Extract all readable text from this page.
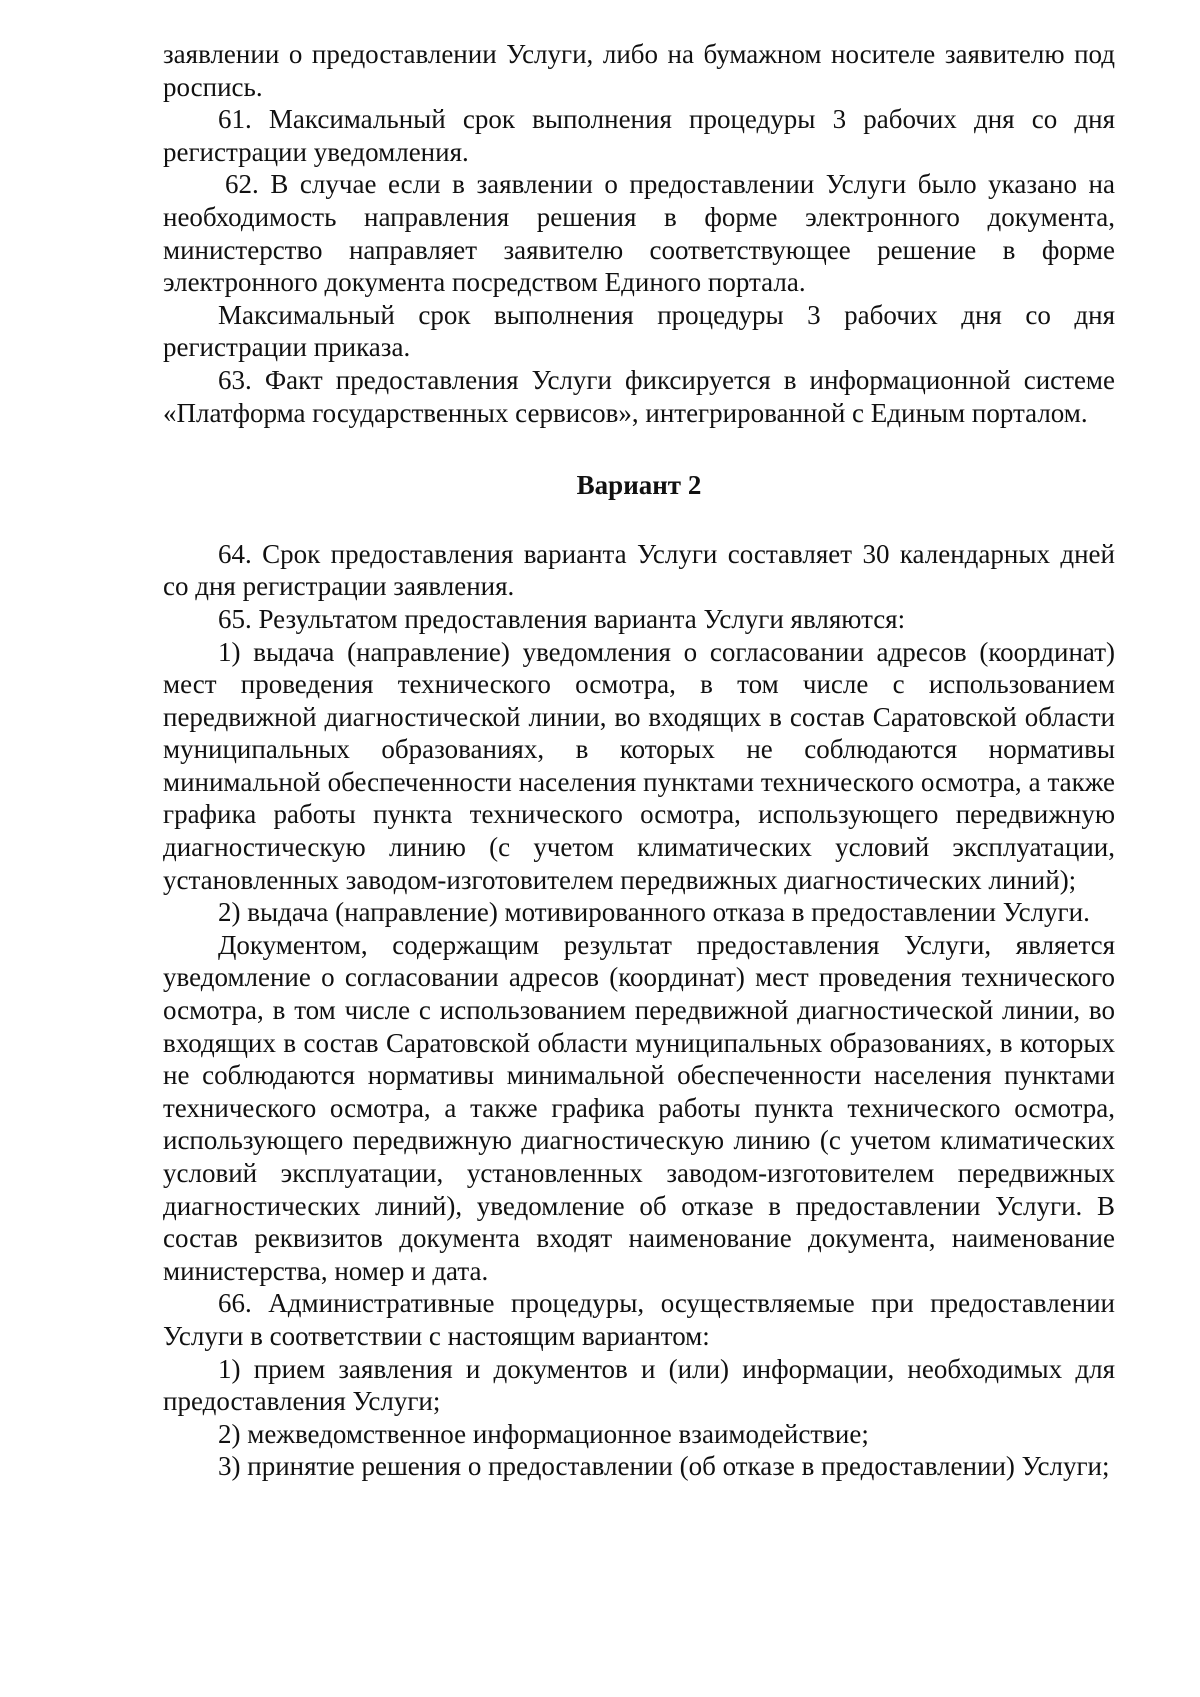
заявлении о предоставлении Услуги, либо на бумажном носителе заявителю под роспись.

61. Максимальный срок выполнения процедуры 3 рабочих дня со дня регистрации уведомления.

62. В случае если в заявлении о предоставлении Услуги было указано на необходимость направления решения в форме электронного документа, министерство направляет заявителю соответствующее решение в форме электронного документа посредством Единого портала.

Максимальный срок выполнения процедуры 3 рабочих дня со дня регистрации приказа.

63. Факт предоставления Услуги фиксируется в информационной системе «Платформа государственных сервисов», интегрированной с Единым порталом.

Вариант 2

64. Срок предоставления варианта Услуги составляет 30 календарных дней со дня регистрации заявления.

65. Результатом предоставления варианта Услуги являются:

1) выдача (направление) уведомления о согласовании адресов (координат) мест проведения технического осмотра, в том числе с использованием передвижной диагностической линии, во входящих в состав Саратовской области муниципальных образованиях, в которых не соблюдаются нормативы минимальной обеспеченности населения пунктами технического осмотра, а также графика работы пункта технического осмотра, использующего передвижную диагностическую линию (с учетом климатических условий эксплуатации, установленных заводом-изготовителем передвижных диагностических линий);

2) выдача (направление) мотивированного отказа в предоставлении Услуги.

Документом, содержащим результат предоставления Услуги, является уведомление о согласовании адресов (координат) мест проведения технического осмотра, в том числе с использованием передвижной диагностической линии, во входящих в состав Саратовской области муниципальных образованиях, в которых не соблюдаются нормативы минимальной обеспеченности населения пунктами технического осмотра, а также графика работы пункта технического осмотра, использующего передвижную диагностическую линию (с учетом климатических условий эксплуатации, установленных заводом-изготовителем передвижных диагностических линий), уведомление об отказе в предоставлении Услуги. В состав реквизитов документа входят наименование документа, наименование министерства, номер и дата.

66. Административные процедуры, осуществляемые при предоставлении Услуги в соответствии с настоящим вариантом:

1) прием заявления и документов и (или) информации, необходимых для предоставления Услуги;

2) межведомственное информационное взаимодействие;

3) принятие решения о предоставлении (об отказе в предоставлении) Услуги;
